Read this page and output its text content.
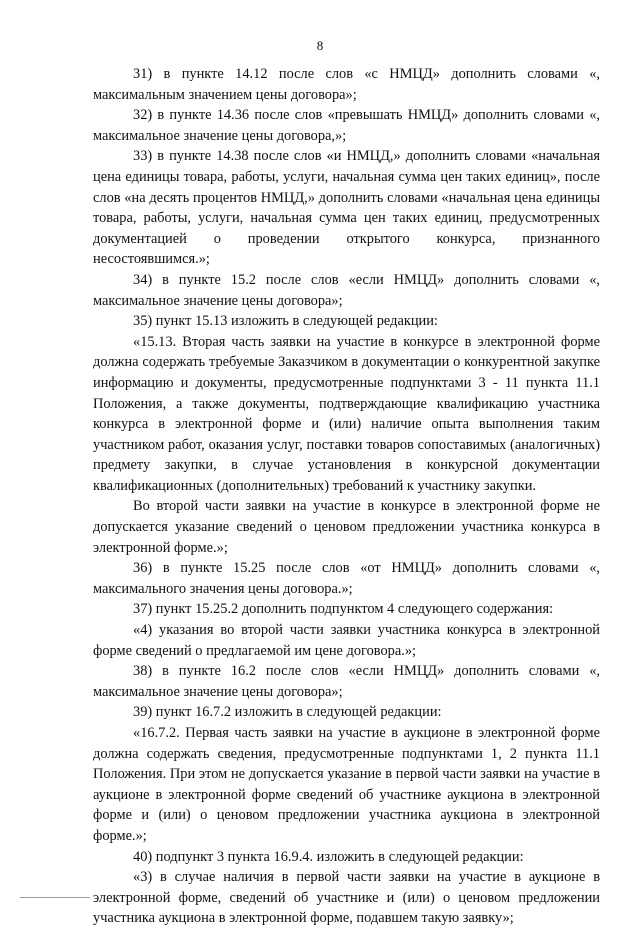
8

31) в пункте 14.12 после слов «с НМЦД» дополнить словами «, максимальным значением цены договора»;

32) в пункте 14.36 после слов «превышать НМЦД» дополнить словами «, максимальное значение цены договора,»;

33) в пункте 14.38 после слов «и НМЦД,» дополнить словами «начальная цена единицы товара, работы, услуги, начальная сумма цен таких единиц», после слов «на десять процентов НМЦД,» дополнить словами «начальная цена единицы товара, работы, услуги, начальная сумма цен таких единиц, предусмотренных документацией о проведении открытого конкурса, признанного несостоявшимся.»;

34) в пункте 15.2 после слов «если НМЦД» дополнить словами «, максимальное значение цены договора»;

35) пункт 15.13 изложить в следующей редакции:

«15.13. Вторая часть заявки на участие в конкурсе в электронной форме должна содержать требуемые Заказчиком в документации о конкурентной закупке информацию и документы, предусмотренные подпунктами 3 - 11 пункта 11.1 Положения, а также документы, подтверждающие квалификацию участника конкурса в электронной форме и (или) наличие опыта выполнения таким участником работ, оказания услуг, поставки товаров сопоставимых (аналогичных) предмету закупки, в случае установления в конкурсной документации квалификационных (дополнительных) требований к участнику закупки.

Во второй части заявки на участие в конкурсе в электронной форме не допускается указание сведений о ценовом предложении участника конкурса в электронной форме.»;

36) в пункте 15.25 после слов «от НМЦД» дополнить словами «, максимального значения цены договора.»;

37) пункт 15.25.2 дополнить подпунктом 4 следующего содержания:

«4) указания во второй части заявки участника конкурса в электронной форме сведений о предлагаемой им цене договора.»;

38) в пункте 16.2 после слов «если НМЦД» дополнить словами «, максимальное значение цены договора»;

39) пункт 16.7.2 изложить в следующей редакции:

«16.7.2. Первая часть заявки на участие в аукционе в электронной форме должна содержать сведения, предусмотренные подпунктами 1, 2 пункта 11.1 Положения. При этом не допускается указание в первой части заявки на участие в аукционе в электронной форме сведений об участнике аукциона в электронной форме и (или) о ценовом предложении участника аукциона в электронной форме.»;

40) подпункт 3 пункта 16.9.4. изложить в следующей редакции:

«3) в случае наличия в первой части заявки на участие в аукционе в электронной форме, сведений об участнике и (или) о ценовом предложении участника аукциона в электронной форме, подавшем такую заявку»;
